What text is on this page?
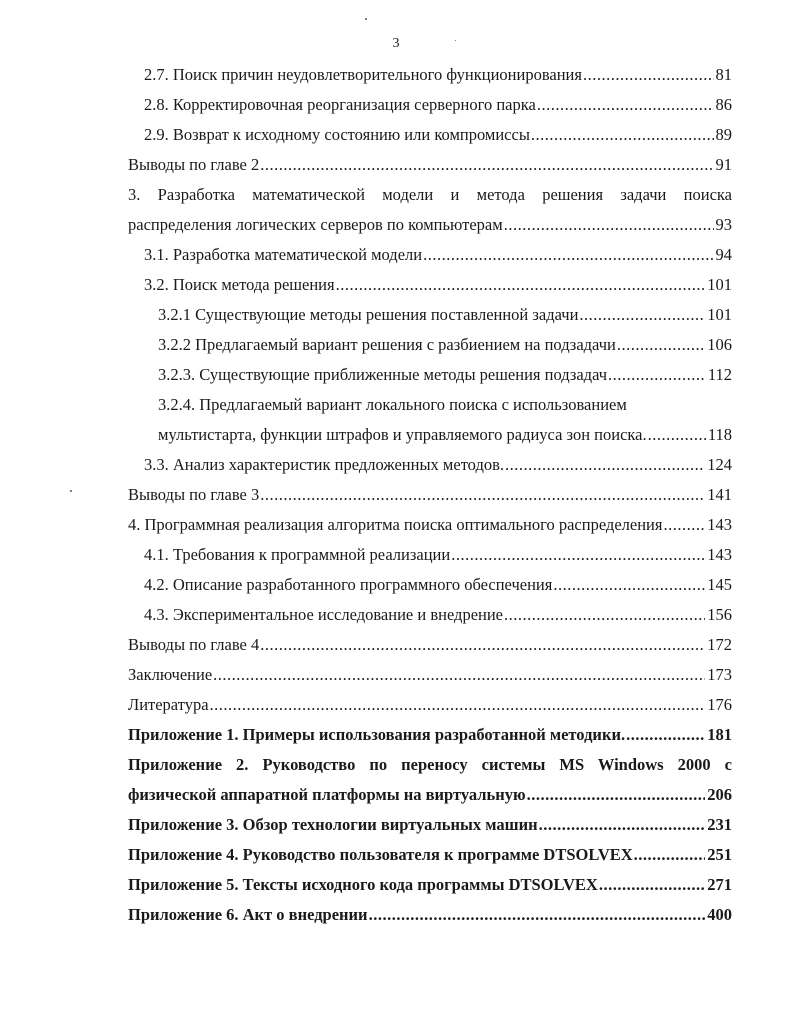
3
2.7. Поиск причин неудовлетворительного функционирования .....	81
2.8. Корректировочная реорганизация серверного парка .....	86
2.9. Возврат к исходному состоянию или компромиссы .....	89
Выводы по главе 2 .....	91
3. Разработка математической модели и метода решения задачи поиска
распределения логических серверов по компьютерам .....	93
3.1. Разработка математической модели .....	94
3.2. Поиск метода решения .....	101
3.2.1 Существующие методы решения поставленной задачи .....	101
3.2.2 Предлагаемый вариант решения с разбиением на подзадачи .....	106
3.2.3. Существующие приближенные методы решения подзадач .....	112
3.2.4. Предлагаемый вариант локального поиска с использованием
мультистарта, функции штрафов и управляемого радиуса зон поиска. .....	118
3.3. Анализ характеристик предложенных методов. .....	124
Выводы по главе 3 .....	141
4. Программная реализация алгоритма поиска оптимального распределения .....	143
4.1. Требования к программной реализации .....	143
4.2. Описание разработанного программного обеспечения .....	145
4.3. Экспериментальное исследование и внедрение .....	156
Выводы по главе 4 .....	172
Заключение .....	173
Литература .....	176
Приложение 1. Примеры использования разработанной методики. .....	181
Приложение 2. Руководство по переносу системы MS Windows 2000 с
физической аппаратной платформы на виртуальную .....	206
Приложение 3. Обзор технологии виртуальных машин .....	231
Приложение 4. Руководство пользователя к программе DTSOLVEX .....	251
Приложение 5. Тексты исходного кода программы DTSOLVEX .....	271
Приложение 6. Акт о внедрении .....	400
